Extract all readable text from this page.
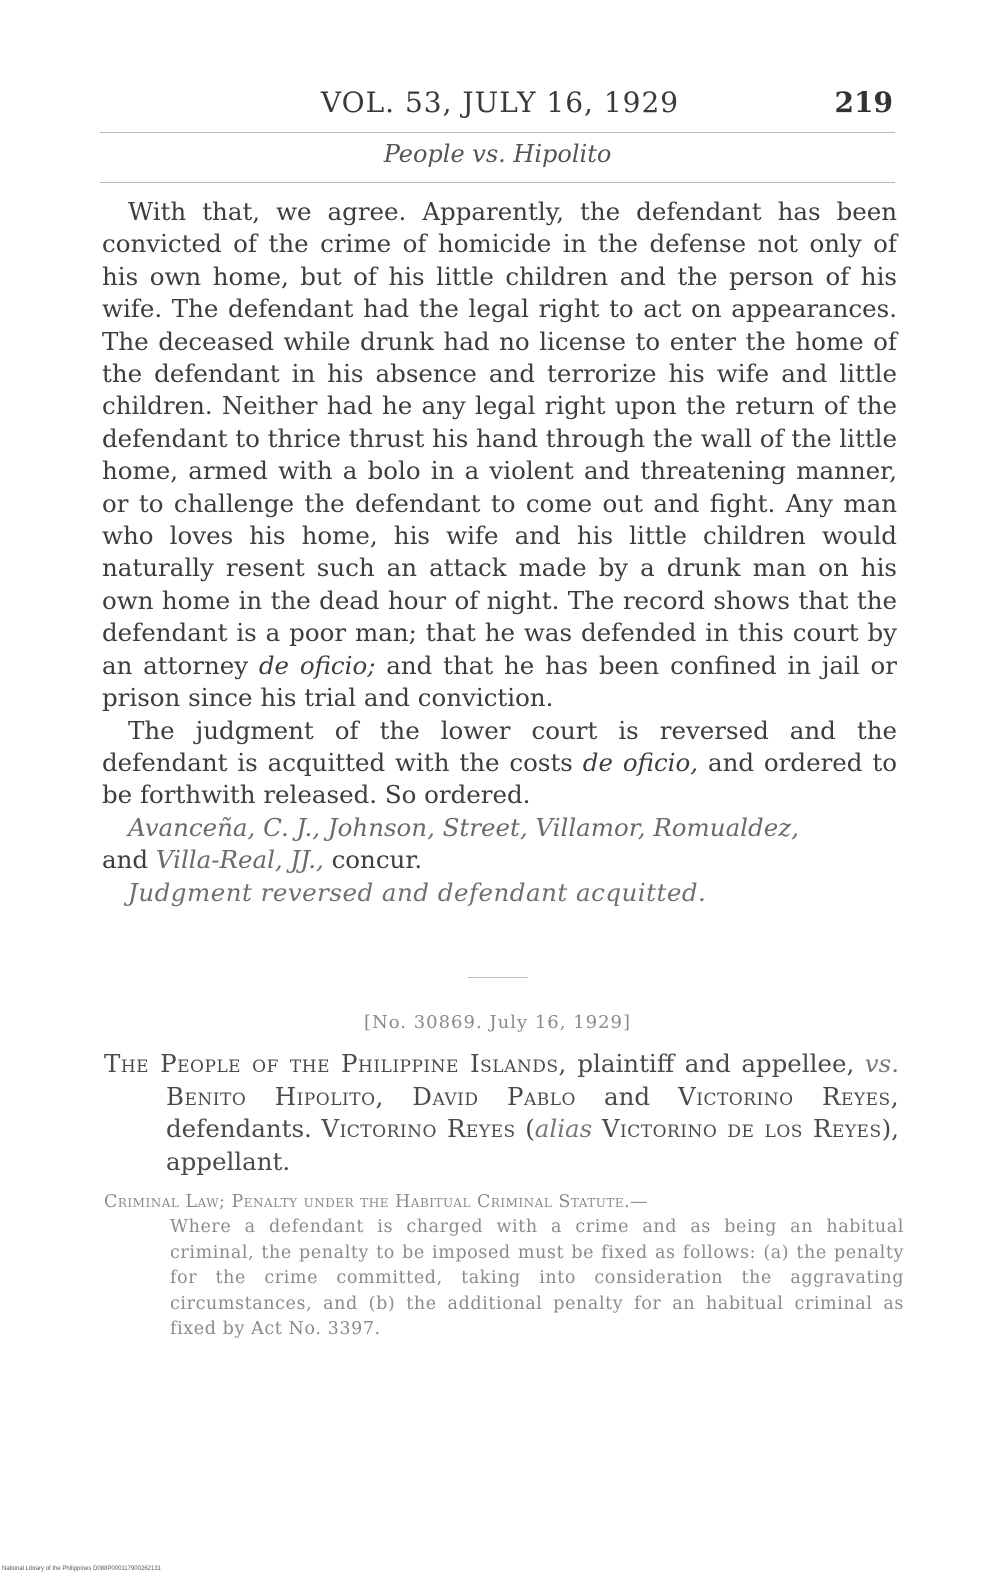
VOL. 53, JULY 16, 1929	219
People vs. Hipolito

With that, we agree. Apparently, the defendant has been convicted of the crime of homicide in the defense not only of his own home, but of his little children and the person of his wife. The defendant had the legal right to act on appearances. The deceased while drunk had no license to enter the home of the defendant in his absence and terrorize his wife and little children. Neither had he any legal right upon the return of the defendant to thrice thrust his hand through the wall of the little home, armed with a bolo in a violent and threatening manner, or to challenge the defendant to come out and fight. Any man who loves his home, his wife and his little children would naturally resent such an attack made by a drunk man on his own home in the dead hour of night. The record shows that the defendant is a poor man; that he was defended in this court by an attorney de oficio; and that he has been confined in jail or prison since his trial and conviction.

The judgment of the lower court is reversed and the defendant is acquitted with the costs de oficio, and ordered to be forthwith released. So ordered.

Avanceña, C. J., Johnson, Street, Villamor, Romualdez,
and Villa-Real, JJ., concur.

Judgment reversed and defendant acquitted.

[No. 30869. July 16, 1929]

The People of the Philippine Islands, plaintiff and appellee, vs. Benito Hipolito, David Pablo and Victorino Reyes, defendants. Victorino Reyes (alias Victorino de los Reyes), appellant.

Criminal Law; Penalty under the Habitual Criminal Statute.—
Where a defendant is charged with a crime and as being an habitual criminal, the penalty to be imposed must be fixed as follows: (a) the penalty for the crime committed, taking into consideration the aggravating circumstances, and (b) the additional penalty for an habitual criminal as fixed by Act No. 3397.

National Library of the Philippines D088P000117900262131
